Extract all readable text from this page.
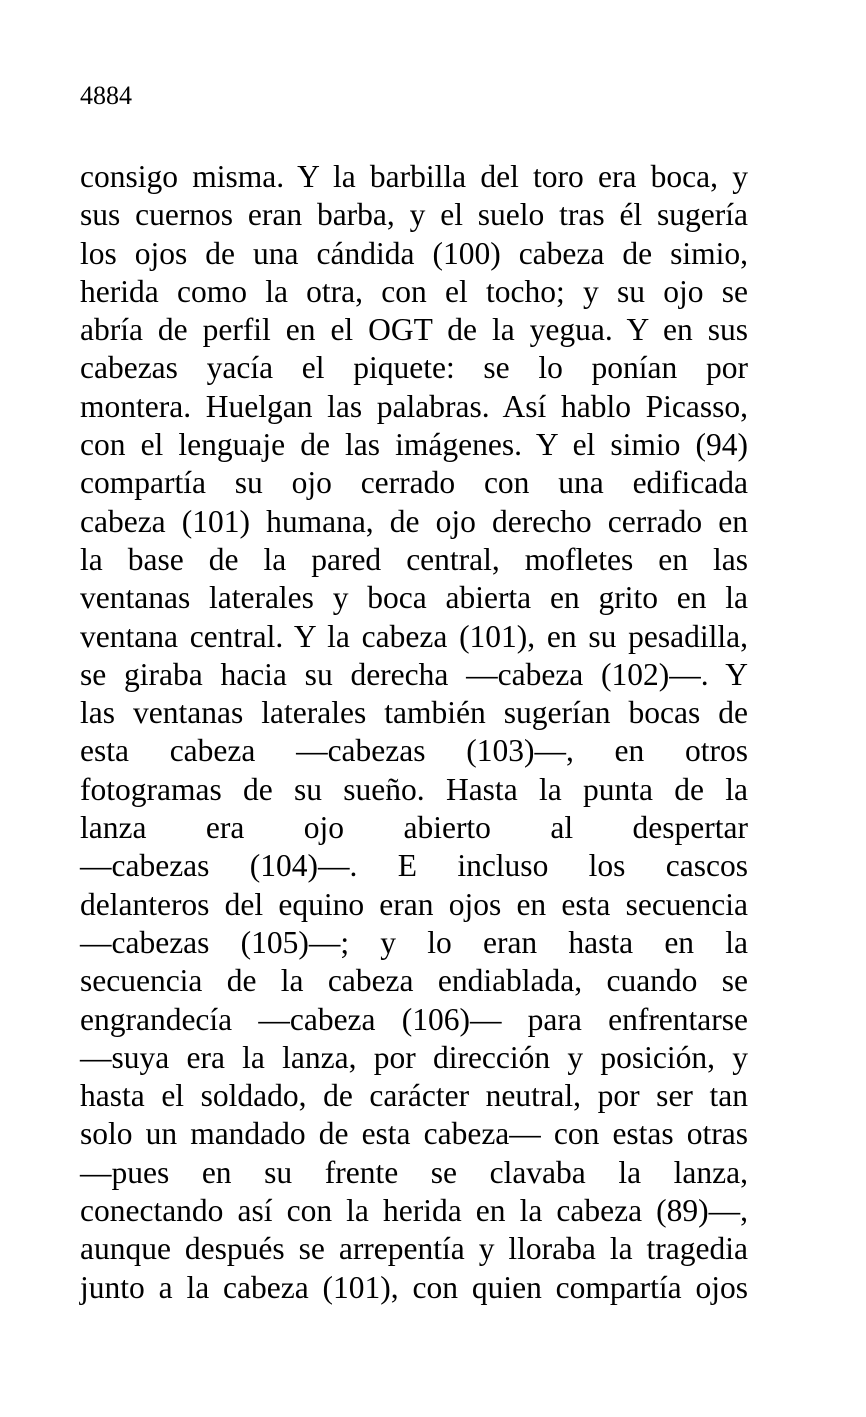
4884
consigo misma. Y la barbilla del toro era boca, y
sus cuernos eran barba, y el suelo tras él sugería
los ojos de una cándida (100) cabeza de simio,
herida como la otra, con el tocho; y su ojo se
abría de perfil en el OGT de la yegua. Y en sus
cabezas yacía el piquete: se lo ponían por
montera. Huelgan las palabras. Así hablo Picasso,
con el lenguaje de las imágenes. Y el simio (94)
compartía su ojo cerrado con una edificada
cabeza (101) humana, de ojo derecho cerrado en
la base de la pared central, mofletes en las
ventanas laterales y boca abierta en grito en la
ventana central. Y la cabeza (101), en su pesadilla,
se giraba hacia su derecha —cabeza (102)—. Y
las ventanas laterales también sugerían bocas de
esta cabeza —cabezas (103)—, en otros
fotogramas de su sueño. Hasta la punta de la
lanza era ojo abierto al despertar
—cabezas (104)—. E incluso los cascos
delanteros del equino eran ojos en esta secuencia
—cabezas (105)—; y lo eran hasta en la
secuencia de la cabeza endiablada, cuando se
engrandecía —cabeza (106)— para enfrentarse
—suya era la lanza, por dirección y posición, y
hasta el soldado, de carácter neutral, por ser tan
solo un mandado de esta cabeza— con estas otras
—pues en su frente se clavaba la lanza,
conectando así con la herida en la cabeza (89)—,
aunque después se arrepentía y lloraba la tragedia
junto a la cabeza (101), con quien compartía ojos
